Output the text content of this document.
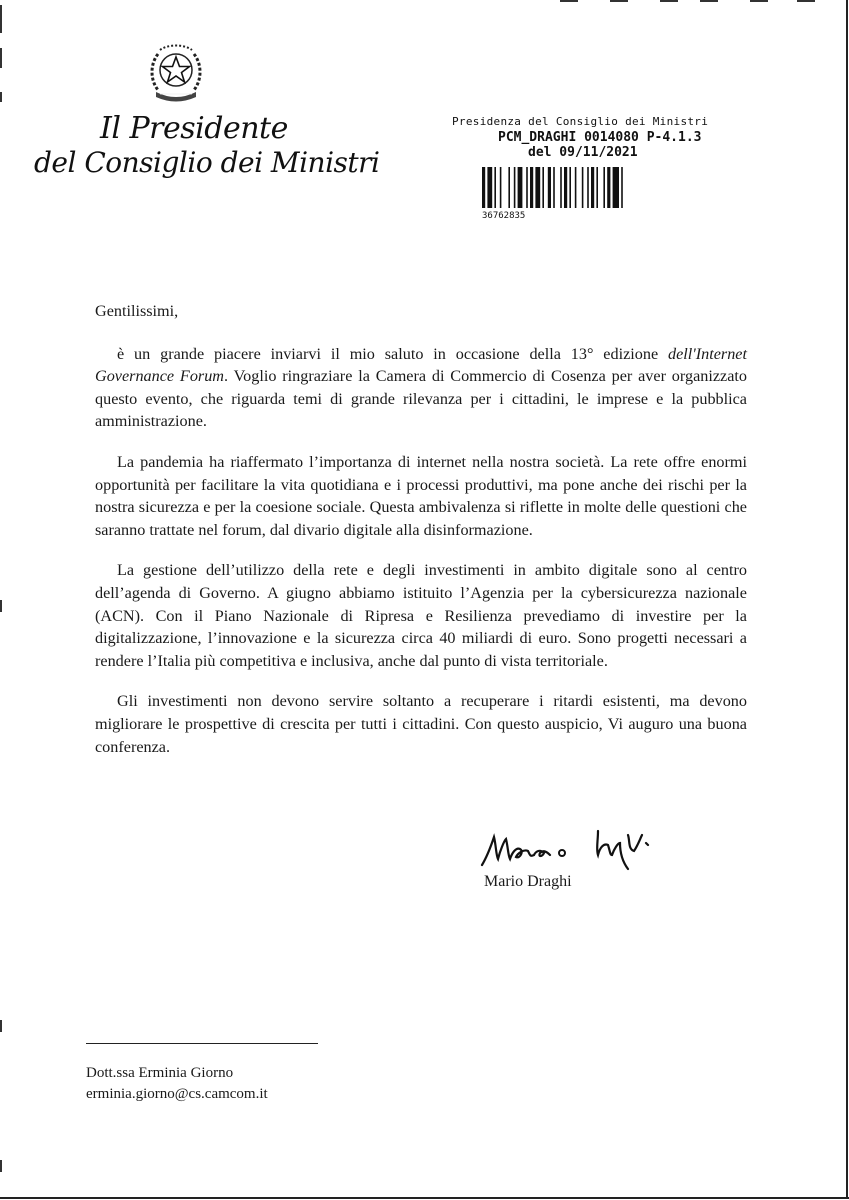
Il Presidente
del Consiglio dei Ministri
Presidenza del Consiglio dei Ministri
PCM_DRAGHI 0014080 P-4.1.3
del 09/11/2021
36762835

Gentilissimi,

è un grande piacere inviarvi il mio saluto in occasione della 13° edizione dell'Internet Governance Forum. Voglio ringraziare la Camera di Commercio di Cosenza per aver organizzato questo evento, che riguarda temi di grande rilevanza per i cittadini, le imprese e la pubblica amministrazione.

La pandemia ha riaffermato l’importanza di internet nella nostra società. La rete offre enormi opportunità per facilitare la vita quotidiana e i processi produttivi, ma pone anche dei rischi per la nostra sicurezza e per la coesione sociale. Questa ambivalenza si riflette in molte delle questioni che saranno trattate nel forum, dal divario digitale alla disinformazione.

La gestione dell’utilizzo della rete e degli investimenti in ambito digitale sono al centro dell’agenda di Governo. A giugno abbiamo istituito l’Agenzia per la cybersicurezza nazionale (ACN). Con il Piano Nazionale di Ripresa e Resilienza prevediamo di investire per la digitalizzazione, l’innovazione e la sicurezza circa 40 miliardi di euro. Sono progetti necessari a rendere l’Italia più competitiva e inclusiva, anche dal punto di vista territoriale.

Gli investimenti non devono servire soltanto a recuperare i ritardi esistenti, ma devono migliorare le prospettive di crescita per tutti i cittadini. Con questo auspicio, Vi auguro una buona conferenza.

Mario Draghi
Dott.ssa Erminia Giorno
erminia.giorno@cs.camcom.it
